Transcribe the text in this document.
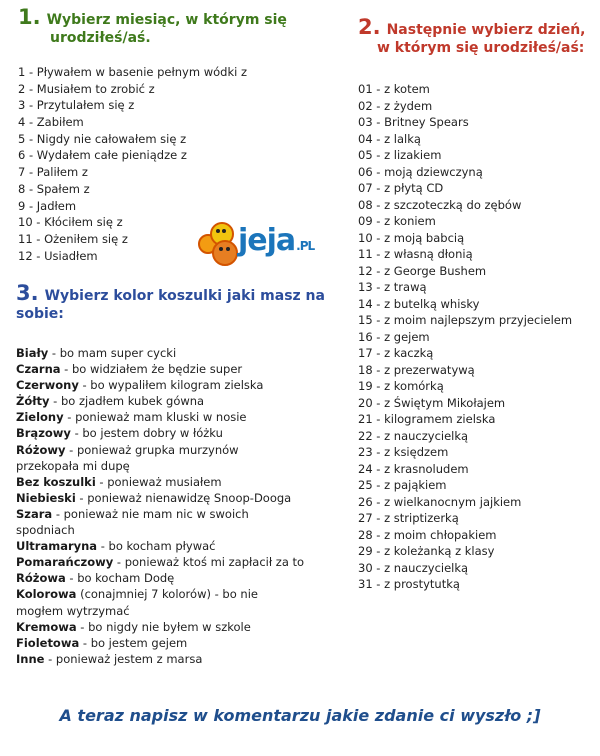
1. Wybierz miesiąc, w którym się
urodziłeś/aś.
1 - Pływałem w basenie pełnym wódki z
2 - Musiałem to zrobić z
3 - Przytulałem się z
4 - Zabiłem
5 - Nigdy nie całowałem się z
6 - Wydałem całe pieniądze z
7 - Paliłem z
8 - Spałem z
9 - Jadłem
10 - Kłóciłem się z
11 - Ożeniłem się z
12 - Usiadłem
2. Następnie wybierz dzień,
w którym się urodziłeś/aś:
01 - z kotem
02 - z żydem
03 - Britney Spears
04 - z lalką
05 - z lizakiem
06 - moją dziewczyną
07 - z płytą CD
08 - z szczoteczką do zębów
09 - z koniem
10 - z moją babcią
11 - z własną dłonią
12 - z George Bushem
13 - z trawą
14 - z butelką whisky
15 - z moim najlepszym przyjecielem
16 - z gejem
17 - z kaczką
18 - z prezerwatywą
19 - z komórką
20 - z Świętym Mikołajem
21 - kilogramem zielska
22 - z nauczycielką
23 - z księdzem
24 - z krasnoludem
25 - z pająkiem
26 - z wielkanocnym jajkiem
27 - z striptizerką
28 - z moim chłopakiem
29 - z koleżanką z klasy
30 - z nauczycielką
31 - z prostytutką
jeja.PL
3. Wybierz kolor koszulki jaki masz na
sobie:
Biały - bo mam super cycki
Czarna - bo widziałem że będzie super
Czerwony - bo wypaliłem kilogram zielska
Żółty - bo zjadłem kubek gówna
Zielony - ponieważ mam kluski w nosie
Brązowy - bo jestem dobry w łóżku
Różowy - ponieważ grupka murzynów
przekopała mi dupę
Bez koszulki - ponieważ musiałem
Niebieski - ponieważ nienawidzę Snoop-Dooga
Szara - ponieważ nie mam nic w swoich
spodniach
Ultramaryna - bo kocham pływać
Pomarańczowy - ponieważ ktoś mi zapłacił za to
Różowa - bo kocham Dodę
Kolorowa (conajmniej 7 kolorów) - bo nie
mogłem wytrzymać
Kremowa - bo nigdy nie byłem w szkole
Fioletowa - bo jestem gejem
Inne - ponieważ jestem z marsa
A teraz napisz w komentarzu jakie zdanie ci wyszło ;]
